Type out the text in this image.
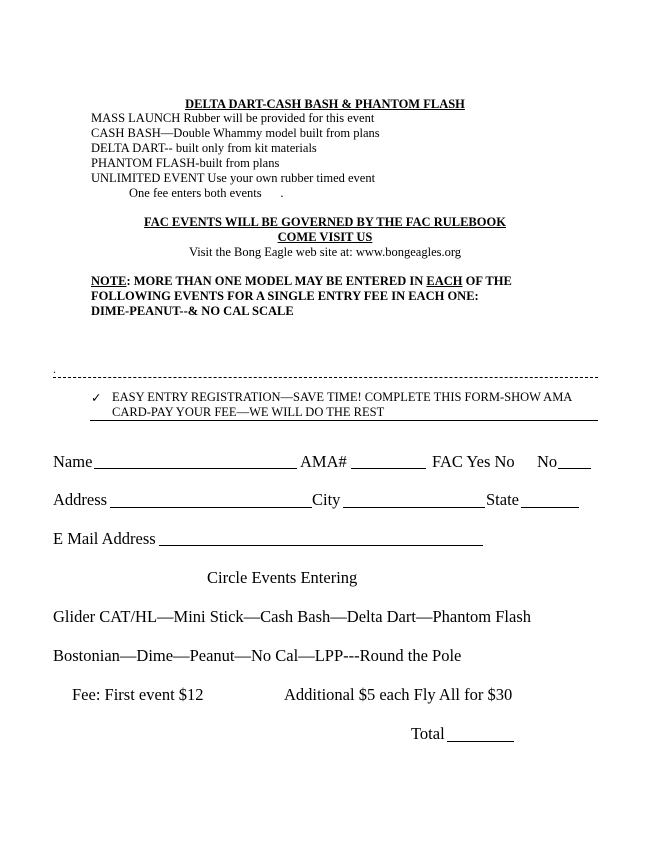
DELTA DART-CASH BASH & PHANTOM FLASH
MASS LAUNCH Rubber will be provided for this event
CASH BASH—Double Whammy model built from plans
DELTA DART-- built only from kit materials
PHANTOM FLASH-built from plans
UNLIMITED EVENT Use your own rubber timed event
One fee enters both events      .
FAC EVENTS WILL BE GOVERNED BY THE FAC RULEBOOK
COME VISIT US
Visit the Bong Eagle web site at: www.bongeagles.org
NOTE: MORE THAN ONE MODEL MAY BE ENTERED IN EACH OF THE
FOLLOWING EVENTS FOR A SINGLE ENTRY FEE IN EACH ONE:
DIME-PEANUT--& NO CAL SCALE
.
✓ EASY ENTRY REGISTRATION—SAVE TIME! COMPLETE THIS FORM-SHOW AMA
CARD-PAY YOUR FEE—WE WILL DO THE REST
Name	AMA#	FAC Yes No No
Address	City	State
E Mail Address
Circle Events Entering
Glider CAT/HL—Mini Stick—Cash Bash—Delta Dart—Phantom Flash
Bostonian—Dime—Peanut—No Cal—LPP---Round the Pole
Fee: First event $12	Additional $5 each Fly All for $30
Total
